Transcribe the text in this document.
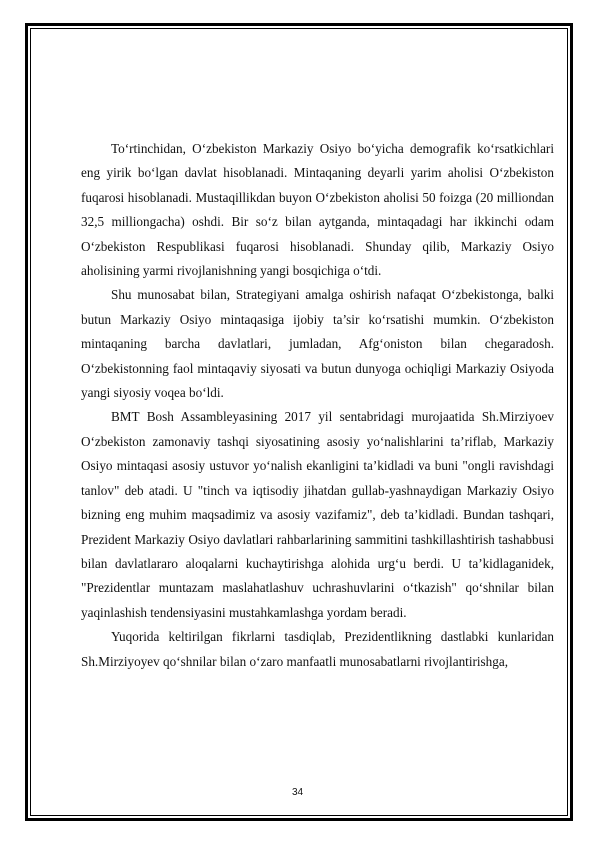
To‘rtinchidan, O‘zbekiston Markaziy Osiyo bo‘yicha demografik ko‘rsatkichlari eng yirik bo‘lgan davlat hisoblanadi. Mintaqaning deyarli yarim aholisi O‘zbekiston fuqarosi hisoblanadi. Mustaqillikdan buyon O‘zbekiston aholisi 50 foizga (20 milliondan 32,5 milliongacha) oshdi. Bir so‘z bilan aytganda, mintaqadagi har ikkinchi odam O‘zbekiston Respublikasi fuqarosi hisoblanadi. Shunday qilib, Markaziy Osiyo aholisining yarmi rivojlanishning yangi bosqichiga o‘tdi.

Shu munosabat bilan, Strategiyani amalga oshirish nafaqat O‘zbekistonga, balki butun Markaziy Osiyo mintaqasiga ijobiy ta’sir ko‘rsatishi mumkin. O‘zbekiston mintaqaning barcha davlatlari, jumladan, Afg‘oniston bilan chegaradosh. O‘zbekistonning faol mintaqaviy siyosati va butun dunyoga ochiqligi Markaziy Osiyoda yangi siyosiy voqea bo‘ldi.

BMT Bosh Assambleyasining 2017 yil sentabridagi murojaatida Sh.Mirziyoev O‘zbekiston zamonaviy tashqi siyosatining asosiy yo‘nalishlarini ta’riflab, Markaziy Osiyo mintaqasi asosiy ustuvor yo‘nalish ekanligini ta’kidladi va buni "ongli ravishdagi tanlov" deb atadi. U "tinch va iqtisodiy jihatdan gullab-yashnaydigan Markaziy Osiyo bizning eng muhim maqsadimiz va asosiy vazifamiz", deb ta’kidladi. Bundan tashqari, Prezident Markaziy Osiyo davlatlari rahbarlarining sammitini tashkillashtirish tashabbusi bilan davlatlararo aloqalarni kuchaytirishga alohida urg‘u berdi. U ta’kidlaganidek, "Prezidentlar muntazam maslahatlashuv uchrashuvlarini o‘tkazish" qo‘shnilar bilan yaqinlashish tendensiyasini mustahkamlashga yordam beradi.

Yuqorida keltirilgan fikrlarni tasdiqlab, Prezidentlikning dastlabki kunlaridan Sh.Mirziyoyev qo‘shnilar bilan o‘zaro manfaatli munosabatlarni rivojlantirishga,

34
